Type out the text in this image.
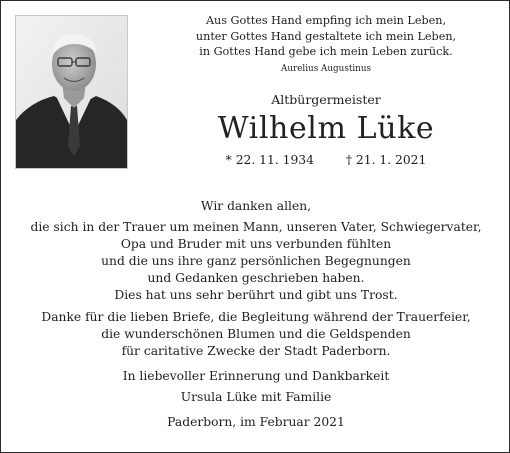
Aus Gottes Hand empfing ich mein Leben,
unter Gottes Hand gestaltete ich mein Leben,
in Gottes Hand gebe ich mein Leben zurück.
Aurelius Augustinus
Altbürgermeister
Wilhelm Lüke
* 22. 11. 1934	† 21. 1. 2021
Wir danken allen,
die sich in der Trauer um meinen Mann, unseren Vater, Schwiegervater,
Opa und Bruder mit uns verbunden fühlten
und die uns ihre ganz persönlichen Begegnungen
und Gedanken geschrieben haben.
Dies hat uns sehr berührt und gibt uns Trost.
Danke für die lieben Briefe, die Begleitung während der Trauerfeier,
die wunderschönen Blumen und die Geldspenden
für caritative Zwecke der Stadt Paderborn.
In liebevoller Erinnerung und Dankbarkeit
Ursula Lüke mit Familie
Paderborn, im Februar 2021
